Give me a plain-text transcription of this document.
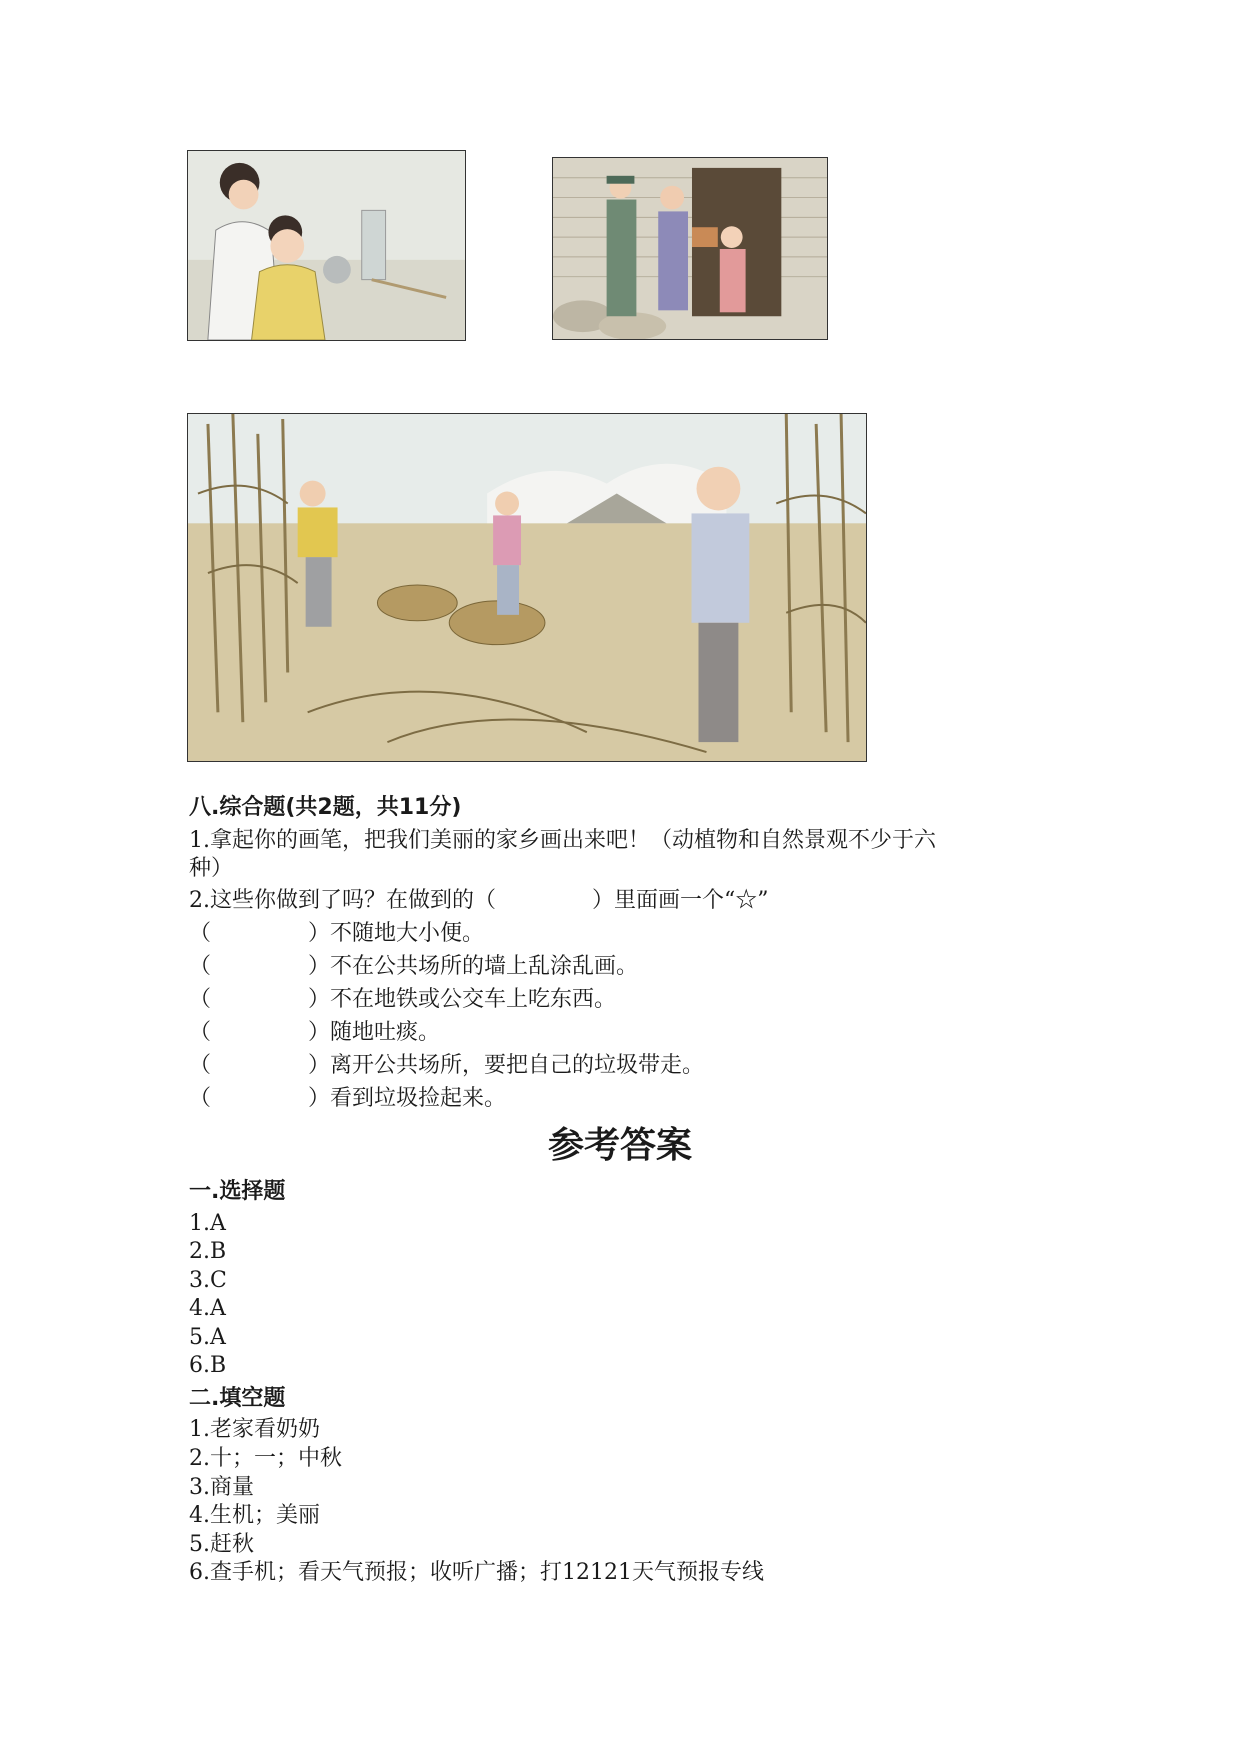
八.综合题(共2题，共11分)
1.拿起你的画笔，把我们美丽的家乡画出来吧！（动植物和自然景观不少于六
种）
2.这些你做到了吗？在做到的（	）里面画一个“☆”
（	）不随地大小便。
（	）不在公共场所的墙上乱涂乱画。
（	）不在地铁或公交车上吃东西。
（	）随地吐痰。
（	）离开公共场所，要把自己的垃圾带走。
（	）看到垃圾捡起来。
参考答案
一.选择题
1.A
2.B
3.C
4.A
5.A
6.B
二.填空题
1.老家看奶奶
2.十；一；中秋
3.商量
4.生机；美丽
5.赶秋
6.查手机；看天气预报；收听广播；打12121天气预报专线
